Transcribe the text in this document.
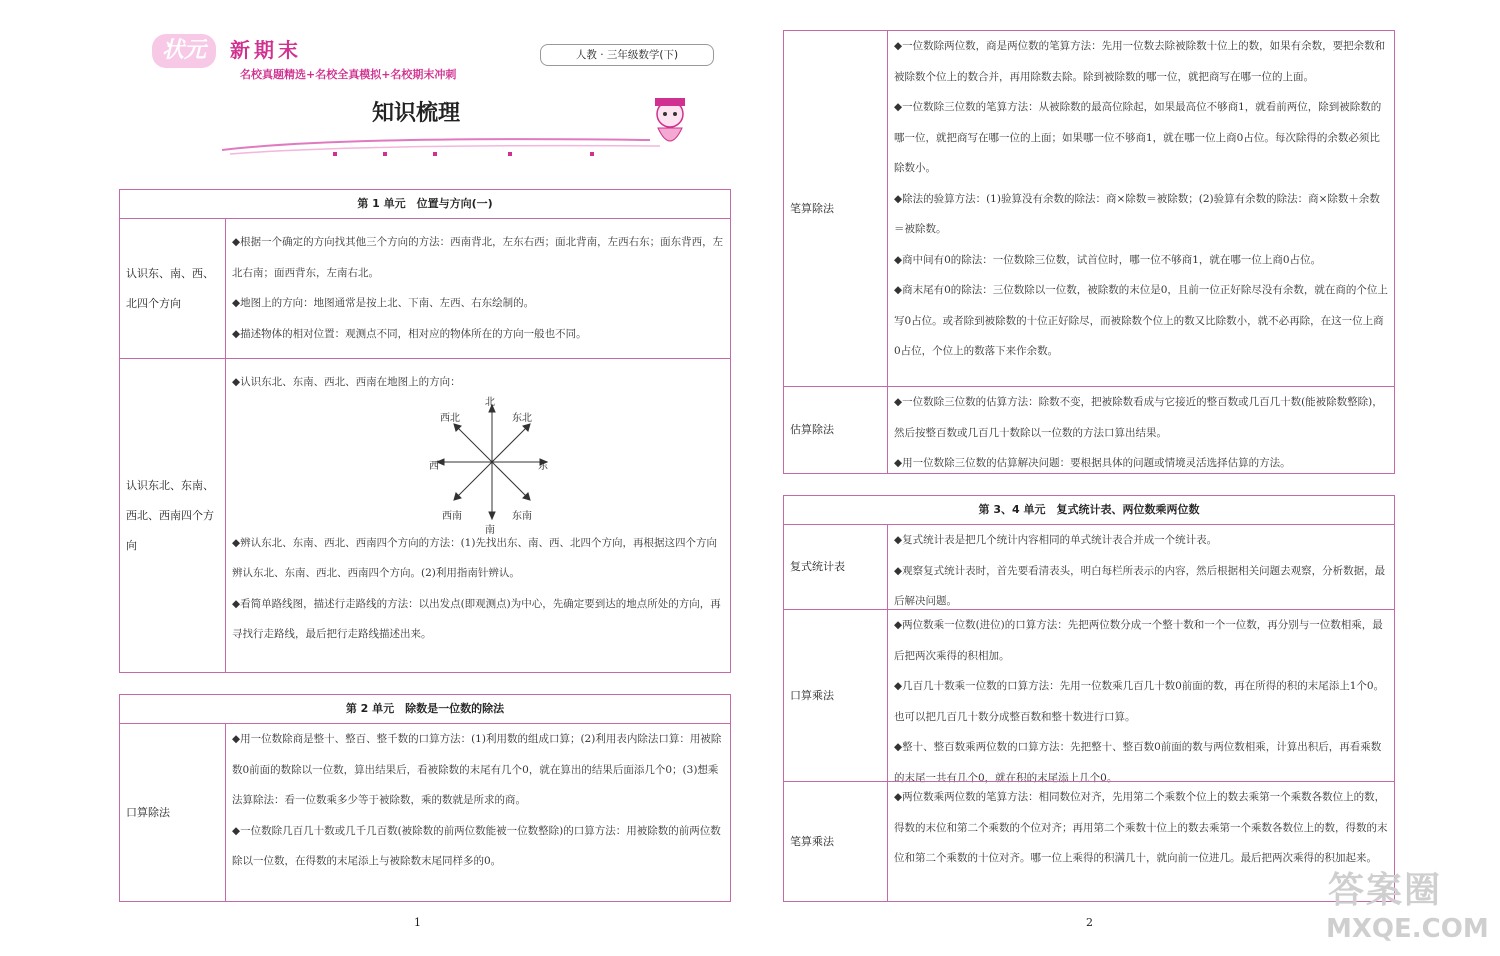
状元	新期末
名校真题精选+名校全真模拟+名校期末冲刺
人教 · 三年级数学(下)
知识梳理
第 1 单元　位置与方向(一)
认识东、南、西、北四个方向

◆根据一个确定的方向找其他三个方向的方法：西南背北，左东右西；面北背南，左西右东；面东背西，左北右南；面西背东，左南右北。

◆地图上的方向：地图通常是按上北、下南、左西、右东绘制的。

◆描述物体的相对位置：观测点不同，相对应的物体所在的方向一般也不同。

认识东北、东南、西北、西南四个方向

◆认识东北、东南、西北、西南在地图上的方向：

北
南
东
西
东北
西北
东南
西南

◆辨认东北、东南、西北、西南四个方向的方法：(1)先找出东、南、西、北四个方向，再根据这四个方向辨认东北、东南、西北、西南四个方向。(2)利用指南针辨认。

◆看简单路线图，描述行走路线的方法：以出发点(即观测点)为中心，先确定要到达的地点所处的方向，再寻找行走路线，最后把行走路线描述出来。

第 2 单元　除数是一位数的除法
口算除法

◆用一位数除商是整十、整百、整千数的口算方法：(1)利用数的组成口算；(2)利用表内除法口算：用被除数0前面的数除以一位数，算出结果后，看被除数的末尾有几个0，就在算出的结果后面添几个0；(3)想乘法算除法：看一位数乘多少等于被除数，乘的数就是所求的商。

◆一位数除几百几十数或几千几百数(被除数的前两位数能被一位数整除)的口算方法：用被除数的前两位数除以一位数，在得数的末尾添上与被除数末尾同样多的0。

笔算除法

◆一位数除两位数，商是两位数的笔算方法：先用一位数去除被除数十位上的数，如果有余数，要把余数和被除数个位上的数合并，再用除数去除。除到被除数的哪一位，就把商写在哪一位的上面。

◆一位数除三位数的笔算方法：从被除数的最高位除起，如果最高位不够商1，就看前两位，除到被除数的哪一位，就把商写在哪一位的上面；如果哪一位不够商1，就在哪一位上商0占位。每次除得的余数必须比除数小。

◆除法的验算方法：(1)验算没有余数的除法：商×除数＝被除数；(2)验算有余数的除法：商×除数＋余数＝被除数。

◆商中间有0的除法：一位数除三位数，试首位时，哪一位不够商1，就在哪一位上商0占位。

◆商末尾有0的除法：三位数除以一位数，被除数的末位是0，且前一位正好除尽没有余数，就在商的个位上写0占位。或者除到被除数的十位正好除尽，而被除数个位上的数又比除数小，就不必再除，在这一位上商0占位，个位上的数落下来作余数。

估算除法

◆一位数除三位数的估算方法：除数不变，把被除数看成与它接近的整百数或几百几十数(能被除数整除)，然后按整百数或几百几十数除以一位数的方法口算出结果。

◆用一位数除三位数的估算解决问题：要根据具体的问题或情境灵活选择估算的方法。

第 3、4 单元　复式统计表、两位数乘两位数
复式统计表

◆复式统计表是把几个统计内容相同的单式统计表合并成一个统计表。

◆观察复式统计表时，首先要看清表头，明白每栏所表示的内容，然后根据相关问题去观察，分析数据，最后解决问题。

口算乘法

◆两位数乘一位数(进位)的口算方法：先把两位数分成一个整十数和一个一位数，再分别与一位数相乘，最后把两次乘得的积相加。

◆几百几十数乘一位数的口算方法：先用一位数乘几百几十数0前面的数，再在所得的积的末尾添上1个0。也可以把几百几十数分成整百数和整十数进行口算。

◆整十、整百数乘两位数的口算方法：先把整十、整百数0前面的数与两位数相乘，计算出积后，再看乘数的末尾一共有几个0，就在积的末尾添上几个0。

笔算乘法

◆两位数乘两位数的笔算方法：相同数位对齐，先用第二个乘数个位上的数去乘第一个乘数各数位上的数，得数的末位和第二个乘数的个位对齐；再用第二个乘数十位上的数去乘第一个乘数各数位上的数，得数的末位和第二个乘数的十位对齐。哪一位上乘得的积满几十，就向前一位进几。最后把两次乘得的积加起来。

1	2
答案圈
MXQE.COM
